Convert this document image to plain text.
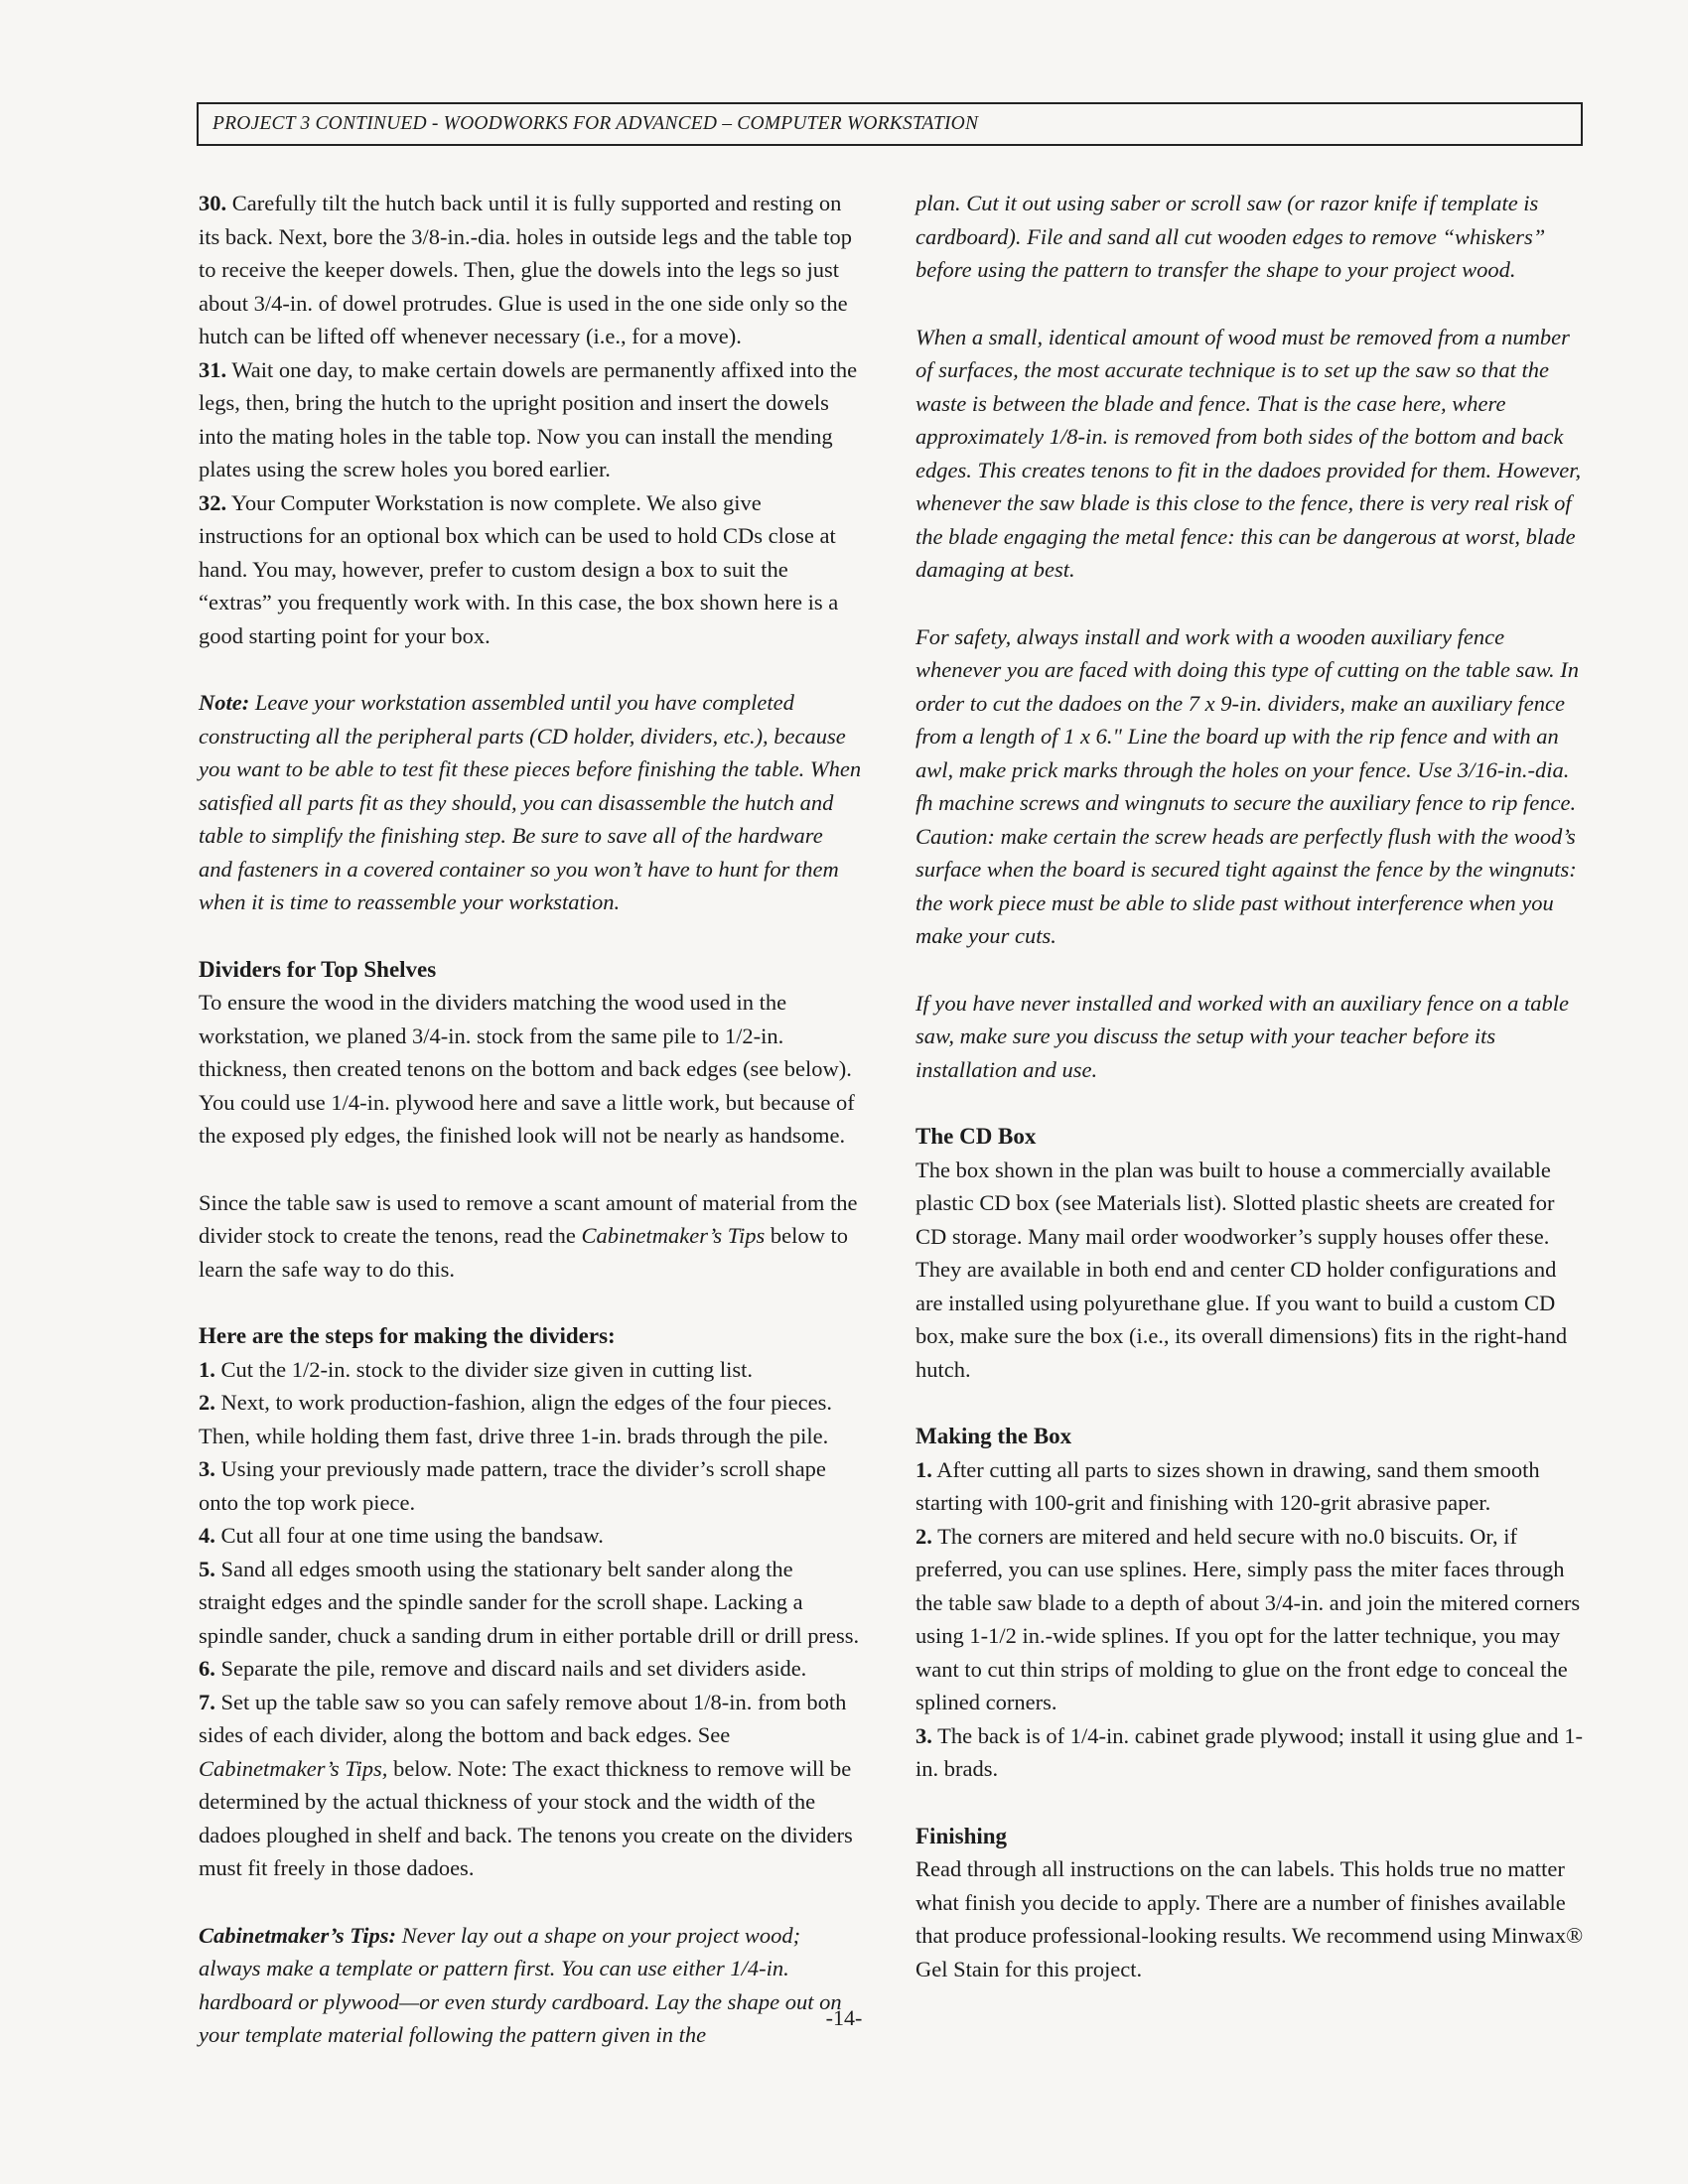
PROJECT 3 CONTINUED - WOODWORKS FOR ADVANCED – COMPUTER WORKSTATION

30. Carefully tilt the hutch back until it is fully supported and resting on its back. Next, bore the 3/8-in.-dia. holes in outside legs and the table top to receive the keeper dowels. Then, glue the dowels into the legs so just about 3/4-in. of dowel protrudes. Glue is used in the one side only so the hutch can be lifted off whenever necessary (i.e., for a move).

31. Wait one day, to make certain dowels are permanently affixed into the legs, then, bring the hutch to the upright position and insert the dowels into the mating holes in the table top. Now you can install the mending plates using the screw holes you bored earlier.

32. Your Computer Workstation is now complete. We also give instructions for an optional box which can be used to hold CDs close at hand. You may, however, prefer to custom design a box to suit the “extras” you frequently work with. In this case, the box shown here is a good starting point for your box.

Note: Leave your workstation assembled until you have completed constructing all the peripheral parts (CD holder, dividers, etc.), because you want to be able to test fit these pieces before finishing the table. When satisfied all parts fit as they should, you can disassemble the hutch and table to simplify the finishing step. Be sure to save all of the hardware and fasteners in a covered container so you won’t have to hunt for them when it is time to reassemble your workstation.

Dividers for Top Shelves

To ensure the wood in the dividers matching the wood used in the workstation, we planed 3/4-in. stock from the same pile to 1/2-in. thickness, then created tenons on the bottom and back edges (see below). You could use 1/4-in. plywood here and save a little work, but because of the exposed ply edges, the finished look will not be nearly as handsome.

Since the table saw is used to remove a scant amount of material from the divider stock to create the tenons, read the Cabinetmaker’s Tips below to learn the safe way to do this.

Here are the steps for making the dividers:

1. Cut the 1/2-in. stock to the divider size given in cutting list.

2. Next, to work production-fashion, align the edges of the four pieces. Then, while holding them fast, drive three 1-in. brads through the pile.

3. Using your previously made pattern, trace the divider’s scroll shape onto the top work piece.

4. Cut all four at one time using the bandsaw.

5. Sand all edges smooth using the stationary belt sander along the straight edges and the spindle sander for the scroll shape. Lacking a spindle sander, chuck a sanding drum in either portable drill or drill press.

6. Separate the pile, remove and discard nails and set dividers aside.

7. Set up the table saw so you can safely remove about 1/8-in. from both sides of each divider, along the bottom and back edges. See Cabinetmaker’s Tips, below. Note: The exact thickness to remove will be determined by the actual thickness of your stock and the width of the dadoes ploughed in shelf and back. The tenons you create on the dividers must fit freely in those dadoes.

Cabinetmaker’s Tips: Never lay out a shape on your project wood; always make a template or pattern first. You can use either 1/4-in. hardboard or plywood—or even sturdy cardboard. Lay the shape out on your template material following the pattern given in the

plan. Cut it out using saber or scroll saw (or razor knife if template is cardboard). File and sand all cut wooden edges to remove “whiskers” before using the pattern to transfer the shape to your project wood.

When a small, identical amount of wood must be removed from a number of surfaces, the most accurate technique is to set up the saw so that the waste is between the blade and fence. That is the case here, where approximately 1/8-in. is removed from both sides of the bottom and back edges. This creates tenons to fit in the dadoes provided for them. However, whenever the saw blade is this close to the fence, there is very real risk of the blade engaging the metal fence: this can be dangerous at worst, blade damaging at best.

For safety, always install and work with a wooden auxiliary fence whenever you are faced with doing this type of cutting on the table saw. In order to cut the dadoes on the 7 x 9-in. dividers, make an auxiliary fence from a length of 1 x 6." Line the board up with the rip fence and with an awl, make prick marks through the holes on your fence. Use 3/16-in.-dia. fh machine screws and wingnuts to secure the auxiliary fence to rip fence. Caution: make certain the screw heads are perfectly flush with the wood’s surface when the board is secured tight against the fence by the wingnuts: the work piece must be able to slide past without interference when you make your cuts.

If you have never installed and worked with an auxiliary fence on a table saw, make sure you discuss the setup with your teacher before its installation and use.

The CD Box

The box shown in the plan was built to house a commercially available plastic CD box (see Materials list). Slotted plastic sheets are created for CD storage. Many mail order woodworker’s supply houses offer these. They are available in both end and center CD holder configurations and are installed using polyurethane glue. If you want to build a custom CD box, make sure the box (i.e., its overall dimensions) fits in the right-hand hutch.

Making the Box

1. After cutting all parts to sizes shown in drawing, sand them smooth starting with 100-grit and finishing with 120-grit abrasive paper.

2. The corners are mitered and held secure with no.0 biscuits. Or, if preferred, you can use splines. Here, simply pass the miter faces through the table saw blade to a depth of about 3/4-in. and join the mitered corners using 1-1/2 in.-wide splines. If you opt for the latter technique, you may want to cut thin strips of molding to glue on the front edge to conceal the splined corners.

3. The back is of 1/4-in. cabinet grade plywood; install it using glue and 1-in. brads.

Finishing

Read through all instructions on the can labels. This holds true no matter what finish you decide to apply. There are a number of finishes available that produce professional-looking results. We recommend using Minwax® Gel Stain for this project.

-14-
